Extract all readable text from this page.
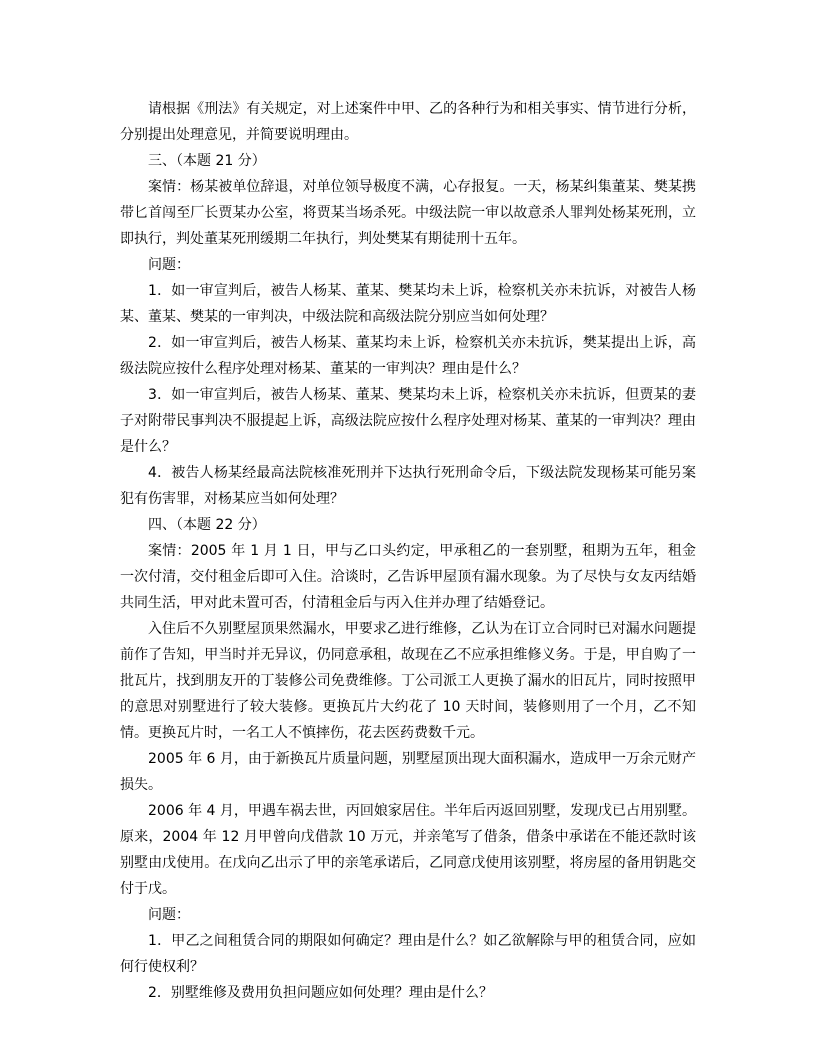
请根据《刑法》有关规定，对上述案件中甲、乙的各种行为和相关事实、情节进行分析，分别提出处理意见，并简要说明理由。

三、（本题 21 分）

案情：杨某被单位辞退，对单位领导极度不满，心存报复。一天，杨某纠集董某、樊某携带匕首闯至厂长贾某办公室，将贾某当场杀死。中级法院一审以故意杀人罪判处杨某死刑，立即执行，判处董某死刑缓期二年执行，判处樊某有期徒刑十五年。

问题：

1．如一审宣判后，被告人杨某、董某、樊某均未上诉，检察机关亦未抗诉，对被告人杨某、董某、樊某的一审判决，中级法院和高级法院分别应当如何处理？

2．如一审宣判后，被告人杨某、董某均未上诉，检察机关亦未抗诉，樊某提出上诉，高级法院应按什么程序处理对杨某、董某的一审判决？理由是什么？

3．如一审宣判后，被告人杨某、董某、樊某均未上诉，检察机关亦未抗诉，但贾某的妻子对附带民事判决不服提起上诉，高级法院应按什么程序处理对杨某、董某的一审判决？理由是什么？

4．被告人杨某经最高法院核准死刑并下达执行死刑命令后，下级法院发现杨某可能另案犯有伤害罪，对杨某应当如何处理？

四、（本题 22 分）

案情：2005 年 1 月 1 日，甲与乙口头约定，甲承租乙的一套别墅，租期为五年，租金一次付清，交付租金后即可入住。洽谈时，乙告诉甲屋顶有漏水现象。为了尽快与女友丙结婚共同生活，甲对此未置可否，付清租金后与丙入住并办理了结婚登记。

入住后不久别墅屋顶果然漏水，甲要求乙进行维修，乙认为在订立合同时已对漏水问题提前作了告知，甲当时并无异议，仍同意承租，故现在乙不应承担维修义务。于是，甲自购了一批瓦片，找到朋友开的丁装修公司免费维修。丁公司派工人更换了漏水的旧瓦片，同时按照甲的意思对别墅进行了较大装修。更换瓦片大约花了 10 天时间，装修则用了一个月，乙不知情。更换瓦片时，一名工人不慎摔伤，花去医药费数千元。

2005 年 6 月，由于新换瓦片质量问题，别墅屋顶出现大面积漏水，造成甲一万余元财产损失。

2006 年 4 月，甲遇车祸去世，丙回娘家居住。半年后丙返回别墅，发现戊已占用别墅。原来，2004 年 12 月甲曾向戊借款 10 万元，并亲笔写了借条，借条中承诺在不能还款时该别墅由戊使用。在戊向乙出示了甲的亲笔承诺后，乙同意戊使用该别墅，将房屋的备用钥匙交付于戊。

问题：

1．甲乙之间租赁合同的期限如何确定？理由是什么？如乙欲解除与甲的租赁合同，应如何行使权利？

2．别墅维修及费用负担问题应如何处理？理由是什么？
